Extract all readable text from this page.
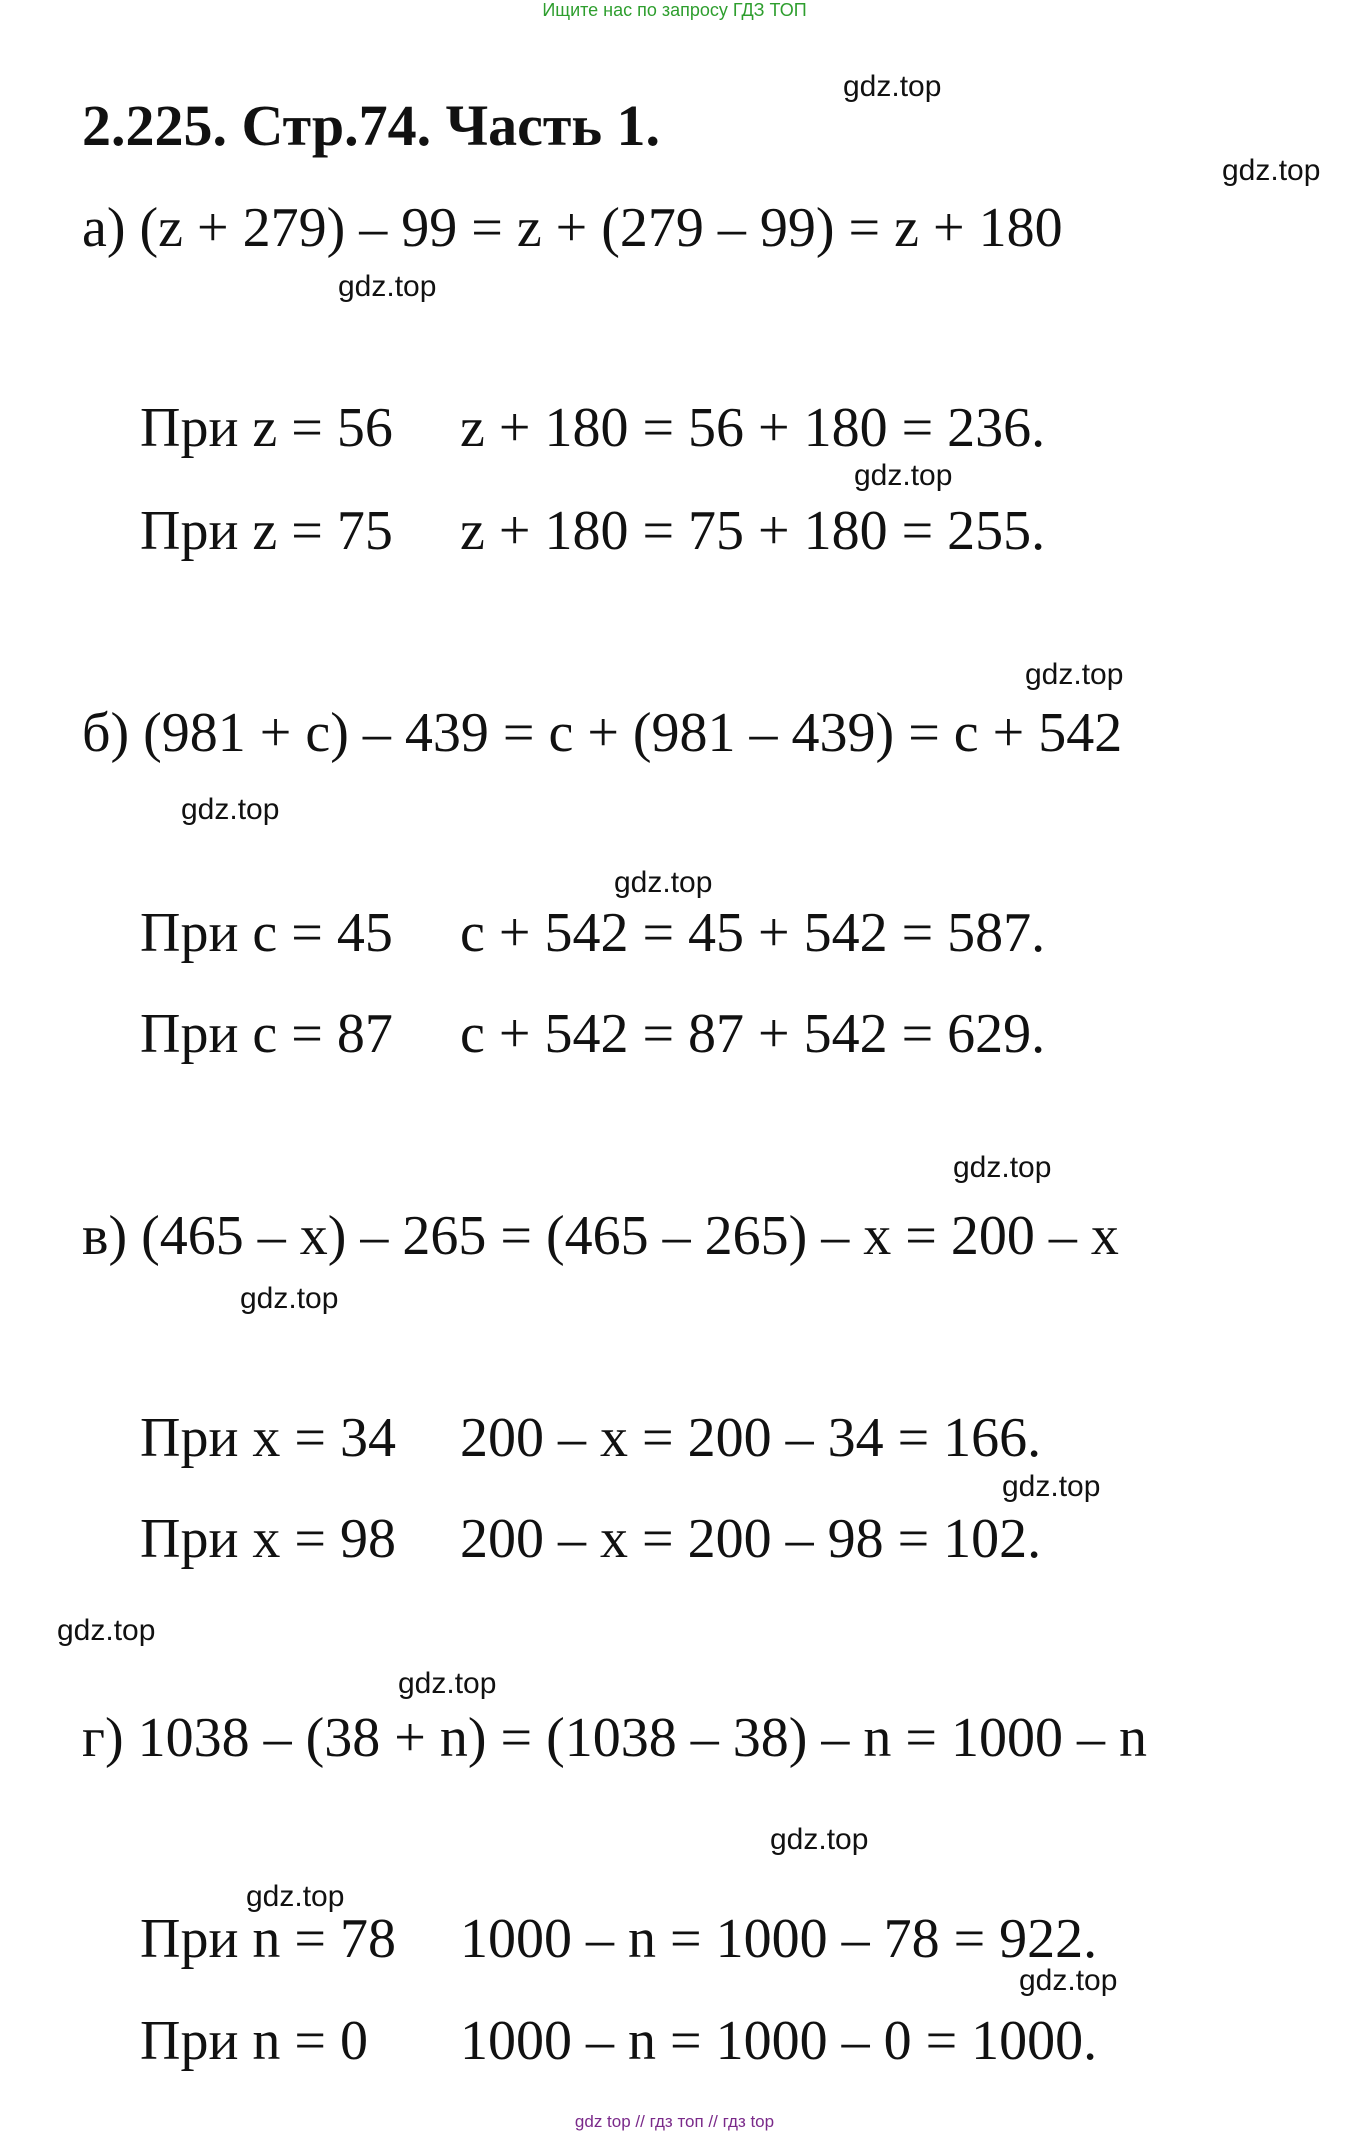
Ищите нас по запросу ГДЗ ТОП
2.225. Стр.74. Часть 1.
а) (z + 279) – 99 = z + (279 – 99) = z + 180
При z = 56 z + 180 = 56 + 180 = 236.
При z = 75 z + 180 = 75 + 180 = 255.
б) (981 + c) – 439 = c + (981 – 439) = c + 542
При c = 45 c + 542 = 45 + 542 = 587.
При c = 87 c + 542 = 87 + 542 = 629.
в) (465 – x) – 265 = (465 – 265) – x = 200 – x
При x = 34 200 – x = 200 – 34 = 166.
При x = 98 200 – x = 200 – 98 = 102.
г) 1038 – (38 + n) = (1038 – 38) – n = 1000 – n
При n = 78 1000 – n = 1000 – 78 = 922.
При n = 0 1000 – n = 1000 – 0 = 1000.
gdz.top
gdz.top
gdz.top
gdz.top
gdz.top
gdz.top
gdz.top
gdz.top
gdz.top
gdz.top
gdz.top
gdz.top
gdz.top
gdz.top
gdz.top
gdz top // гдз топ // гдз top
